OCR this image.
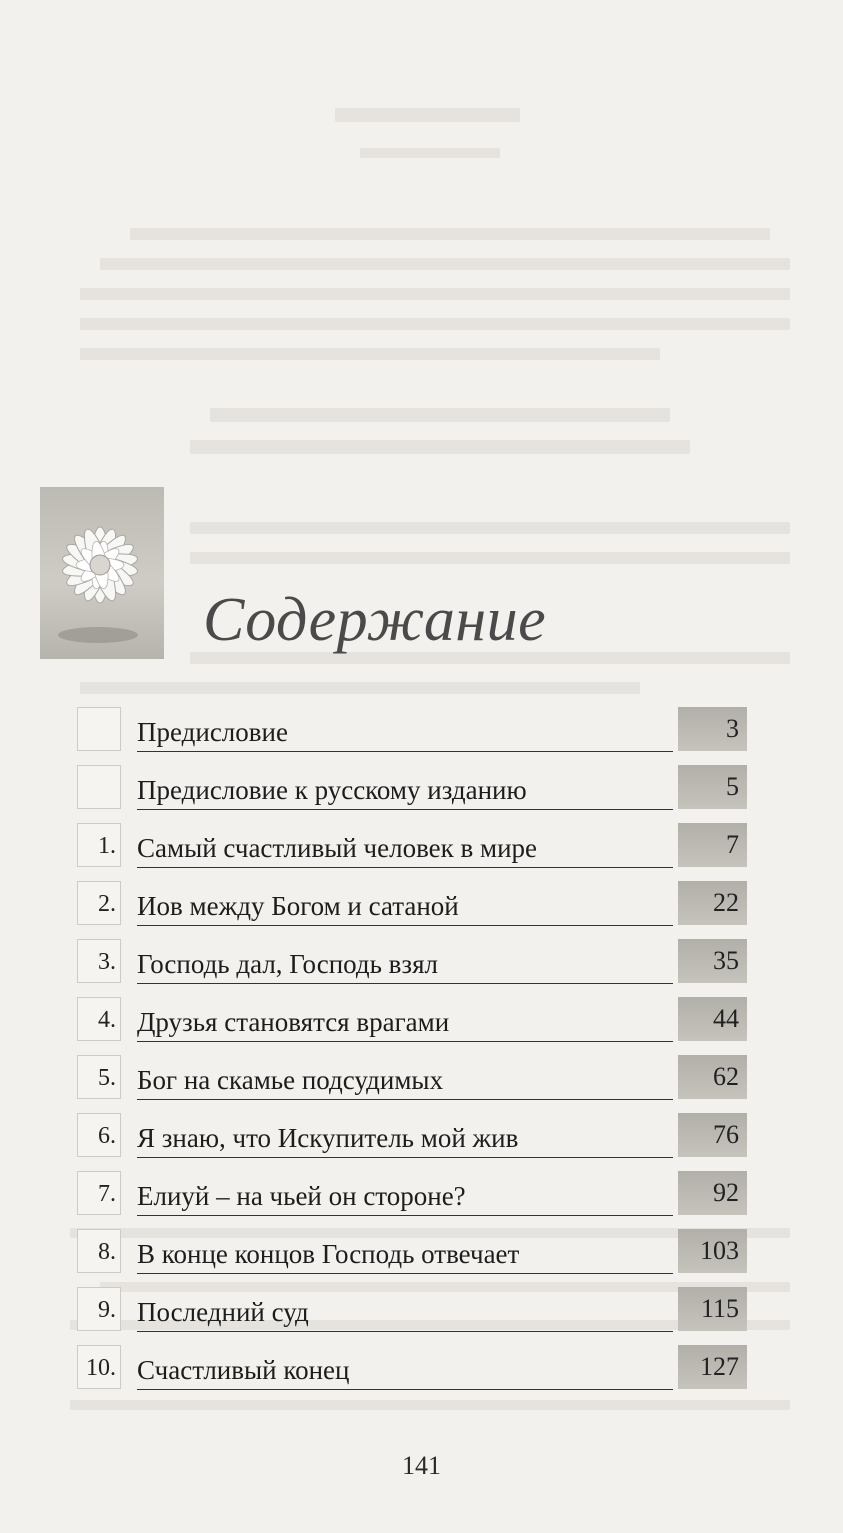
Содержание
Предисловие	3
Предисловие к русскому изданию	5
1. Самый счастливый человек в мире	7
2. Иов между Богом и сатаной	22
3. Господь дал, Господь взял	35
4. Друзья становятся врагами	44
5. Бог на скамье подсудимых	62
6. Я знаю, что Искупитель мой жив	76
7. Елиуй – на чьей он стороне?	92
8. В конце концов Господь отвечает	103
9. Последний суд	115
10. Счастливый конец	127
141
